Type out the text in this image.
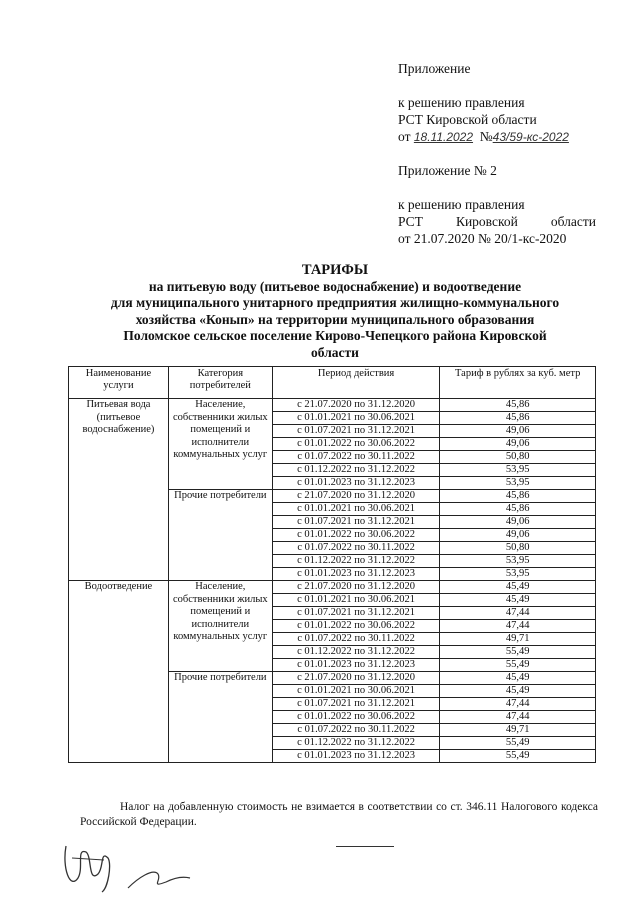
Приложение
к решению правления
РСТ Кировской области
от 18.11.2022 №43/59-кс-2022
Приложение № 2
к решению правления
РСТ Кировской области
от 21.07.2020 № 20/1-кс-2020
ТАРИФЫ
на питьевую воду (питьевое водоснабжение) и водоотведение
для муниципального унитарного предприятия жилищно-коммунального
хозяйства «Конып» на территории муниципального образования
Поломское сельское поселение Кирово-Чепецкого района Кировской
области
Наименование услуги	Категория потребителей	Период действия	Тариф в рублях за куб. метр
Питьевая вода (питьевое водоснабжение)	Население, собственники жилых помещений и исполнители коммунальных услуг	с 21.07.2020 по 31.12.2020	45,86
		с 01.01.2021 по 30.06.2021	45,86
		с 01.07.2021 по 31.12.2021	49,06
		с 01.01.2022 по 30.06.2022	49,06
		с 01.07.2022 по 30.11.2022	50,80
		с 01.12.2022 по 31.12.2022	53,95
		с 01.01.2023 по 31.12.2023	53,95
	Прочие потребители	с 21.07.2020 по 31.12.2020	45,86
		с 01.01.2021 по 30.06.2021	45,86
		с 01.07.2021 по 31.12.2021	49,06
		с 01.01.2022 по 30.06.2022	49,06
		с 01.07.2022 по 30.11.2022	50,80
		с 01.12.2022 по 31.12.2022	53,95
		с 01.01.2023 по 31.12.2023	53,95
Водоотведение	Население, собственники жилых помещений и исполнители коммунальных услуг	с 21.07.2020 по 31.12.2020	45,49
		с 01.01.2021 по 30.06.2021	45,49
		с 01.07.2021 по 31.12.2021	47,44
		с 01.01.2022 по 30.06.2022	47,44
		с 01.07.2022 по 30.11.2022	49,71
		с 01.12.2022 по 31.12.2022	55,49
		с 01.01.2023 по 31.12.2023	55,49
	Прочие потребители	с 21.07.2020 по 31.12.2020	45,49
		с 01.01.2021 по 30.06.2021	45,49
		с 01.07.2021 по 31.12.2021	47,44
		с 01.01.2022 по 30.06.2022	47,44
		с 01.07.2022 по 30.11.2022	49,71
		с 01.12.2022 по 31.12.2022	55,49
		с 01.01.2023 по 31.12.2023	55,49
Налог на добавленную стоимость не взимается в соответствии со ст. 346.11 Налогового кодекса Российской Федерации.
